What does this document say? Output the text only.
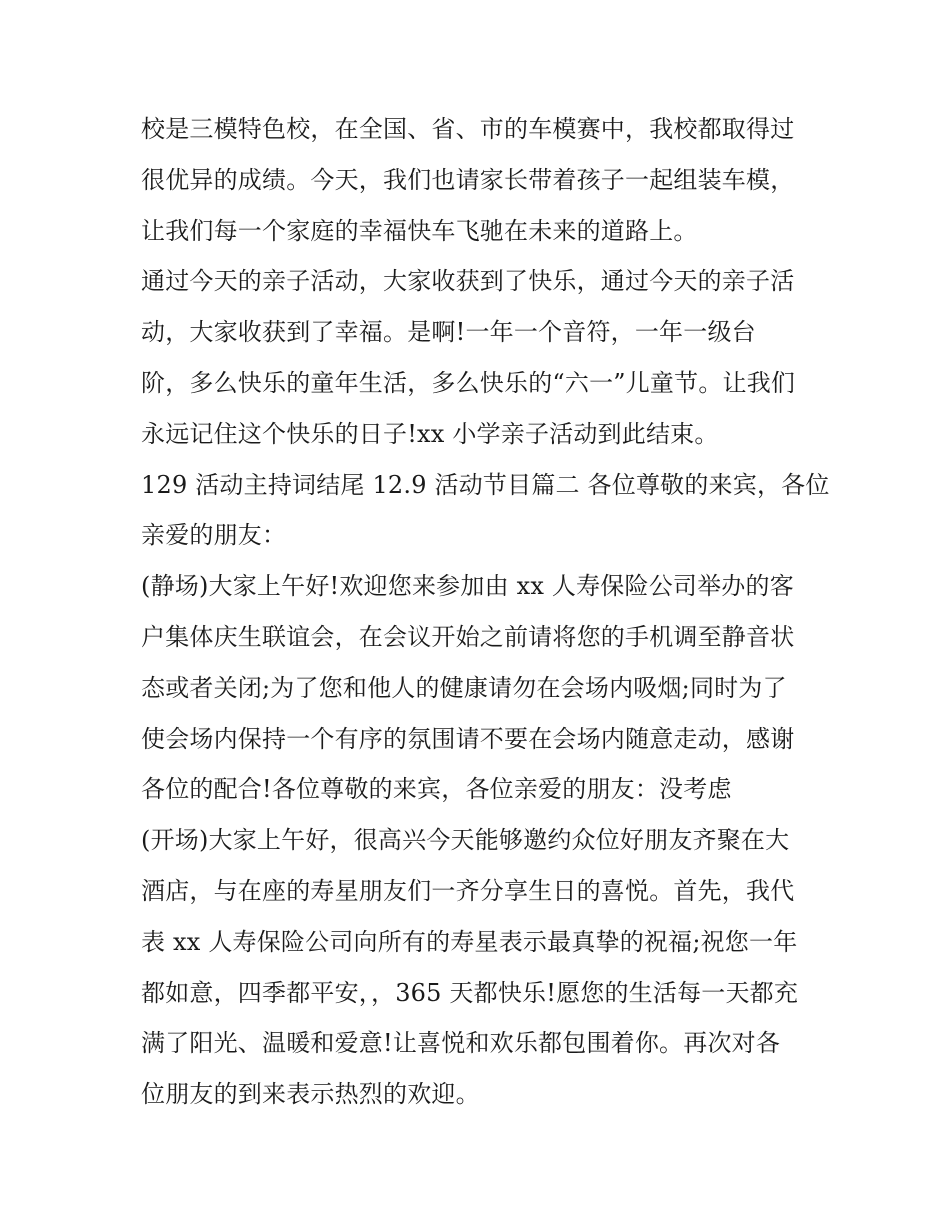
校是三模特色校，在全国、省、市的车模赛中，我校都取得过
很优异的成绩。今天，我们也请家长带着孩子一起组装车模，
让我们每一个家庭的幸福快车飞驰在未来的道路上。
通过今天的亲子活动，大家收获到了快乐，通过今天的亲子活
动，大家收获到了幸福。是啊!一年一个音符，一年一级台
阶，多么快乐的童年生活，多么快乐的“六一”儿童节。让我们
永远记住这个快乐的日子!xx 小学亲子活动到此结束。
129 活动主持词结尾 12.9 活动节目篇二 各位尊敬的来宾，各位
亲爱的朋友：
(静场)大家上午好!欢迎您来参加由 xx 人寿保险公司举办的客
户集体庆生联谊会，在会议开始之前请将您的手机调至静音状
态或者关闭;为了您和他人的健康请勿在会场内吸烟;同时为了
使会场内保持一个有序的氛围请不要在会场内随意走动，感谢
各位的配合!各位尊敬的来宾，各位亲爱的朋友：没考虑
(开场)大家上午好，很高兴今天能够邀约众位好朋友齐聚在大
酒店，与在座的寿星朋友们一齐分享生日的喜悦。首先，我代
表 xx 人寿保险公司向所有的寿星表示最真挚的祝福;祝您一年
都如意，四季都平安，，365 天都快乐!愿您的生活每一天都充
满了阳光、温暖和爱意!让喜悦和欢乐都包围着你。再次对各
位朋友的到来表示热烈的欢迎。
